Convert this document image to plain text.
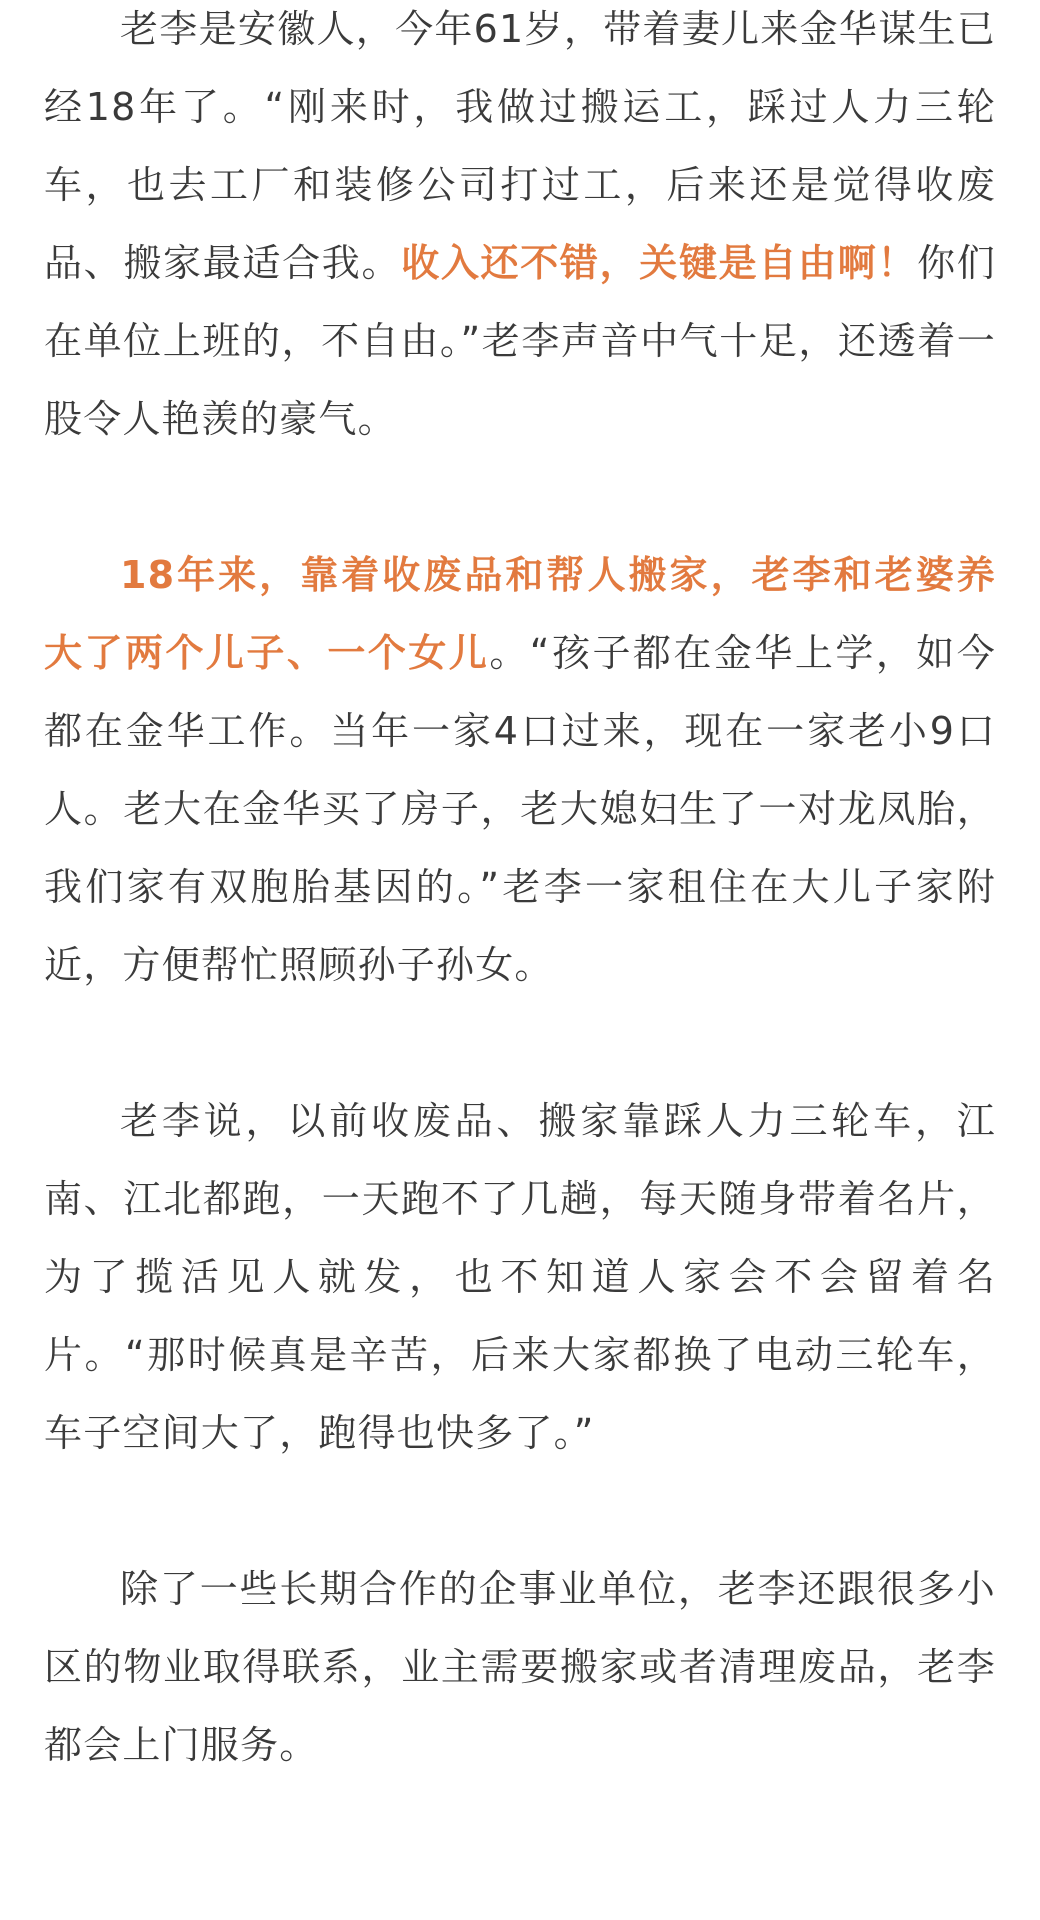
老李是安徽人，今年61岁，带着妻儿来金华谋生已经18年了。“刚来时，我做过搬运工，踩过人力三轮车，也去工厂和装修公司打过工，后来还是觉得收废品、搬家最适合我。收入还不错，关键是自由啊！你们在单位上班的，不自由。”老李声音中气十足，还透着一股令人艳羡的豪气。

18年来，靠着收废品和帮人搬家，老李和老婆养大了两个儿子、一个女儿。“孩子都在金华上学，如今都在金华工作。当年一家4口过来，现在一家老小9口人。老大在金华买了房子，老大媳妇生了一对龙凤胎，我们家有双胞胎基因的。”老李一家租住在大儿子家附近，方便帮忙照顾孙子孙女。

老李说，以前收废品、搬家靠踩人力三轮车，江南、江北都跑，一天跑不了几趟，每天随身带着名片，为了揽活见人就发，也不知道人家会不会留着名片。“那时候真是辛苦，后来大家都换了电动三轮车，车子空间大了，跑得也快多了。”

除了一些长期合作的企事业单位，老李还跟很多小区的物业取得联系，业主需要搬家或者清理废品，老李都会上门服务。
